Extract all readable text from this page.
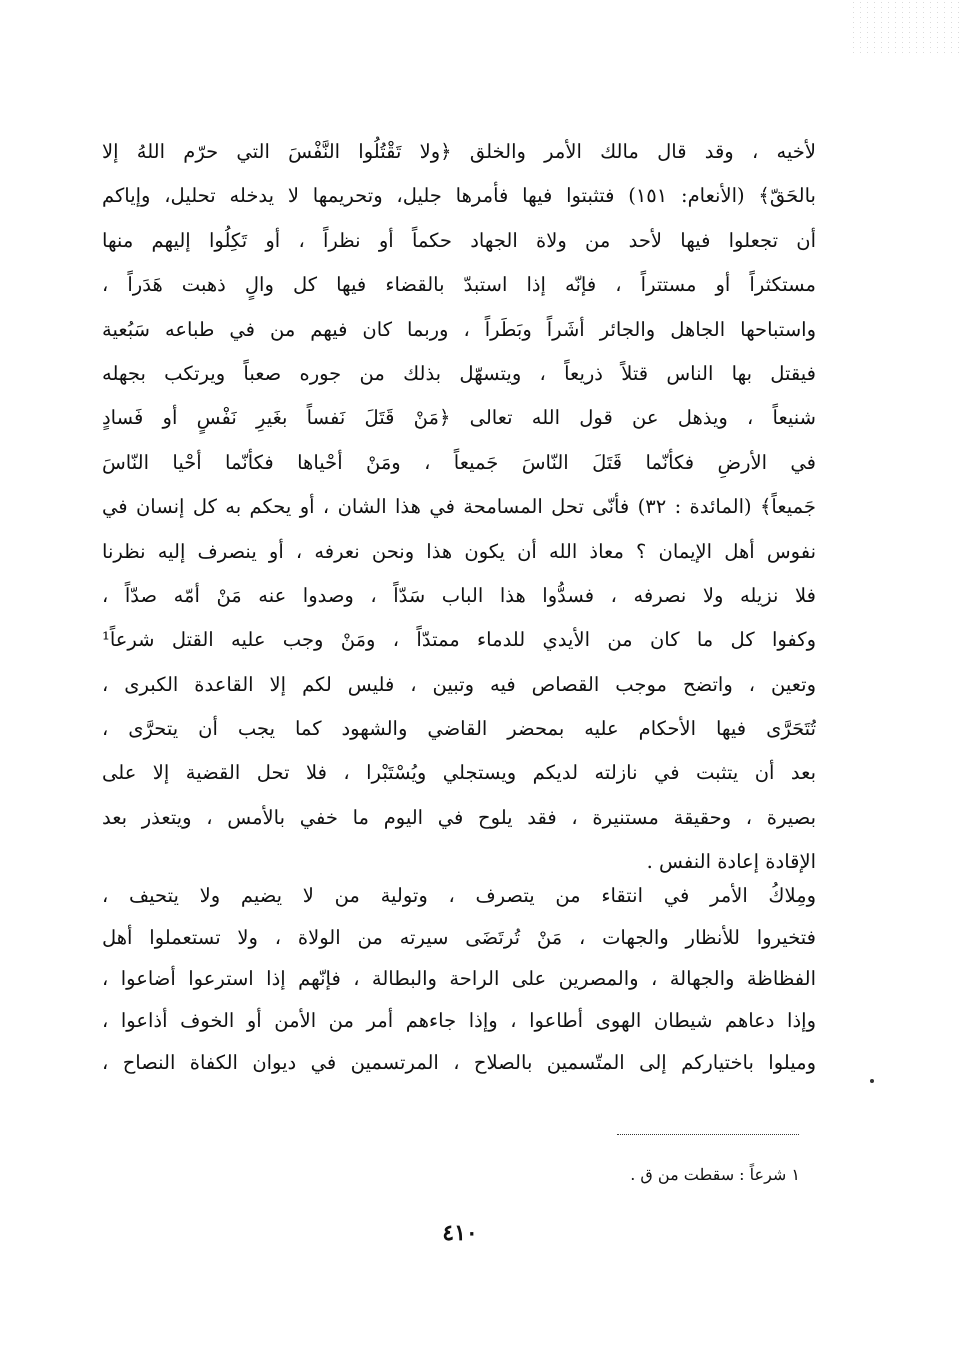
لأخيه ، وقد قال مالك الأمر والخلق ﴿ولا تَقْتُلُوا النَّفْسَ التي حرّم اللهُ إلا
بالحَقّ﴾ (الأنعام: ١٥١) فتثبتوا فيها فأمرها جليل، وتحريمها لا يدخله تحليل، وإياكم
أن تجعلوا فيها لأحد من ولاة الجهاد حكماً أو نظراً ، أو تَكِلُوا إليهم منها
مستكثراً أو مستتراً ، فإنّه إذا استبدّ بالقضاء فيها كل والٍ ذهبت هَدَراً ،
واستباحها الجاهل والجائر أشَراً وبَطَراً ، وربما كان فيهم من في طباعه سَبُعية
فيقتل بها الناس قتلاً ذريعاً ، ويتسهّل بذلك من جوره صعباً ويرتكب بجهله
شنيعاً ، ويذهل عن قول الله تعالى ﴿مَنْ قَتَلَ نَفساً بغَيرِ نَفْسٍ أو فَسادٍ
في الأرضِ فكأنّما قَتَلَ النّاسَ جَميعاً ، ومَنْ أحْياها فكأنّما أحْيا النّاسَ
جَميعاً﴾ (المائدة : ٣٢) فأنّى تحل المسامحة في هذا الشان ، أو يحكم به كل إنسان في
نفوس أهل الإيمان ؟ معاذ الله أن يكون هذا ونحن نعرفه ، أو ينصرف إليه نظرنا
فلا نزيله ولا نصرفه ، فسدُّوا هذا الباب سَدّاً ، وصدوا عنه مَنْ أمّه صدّاً ،
وكفوا كل ما كان من الأيدي للدماء ممتدّاً ، ومَنْ وجب عليه القتل شرعاً¹
وتعين ، واتضح موجب القصاص فيه وتبين ، فليس لكم إلا القاعدة الكبرى ،
تُتَحَرَّى فيها الأحكام عليه بمحضر القاضي والشهود كما يجب أن يتحرَّى ،
بعد أن يتثبت في نازلته لديكم ويستجلي ويُسْتَبْرا ، فلا تحل القضية إلا على
بصيرة ، وحقيقة مستنيرة ، فقد يلوح في اليوم ما خفي بالأمس ، ويتعذر بعد
الإقادة إعادة النفس .
ومِلاكُ الأمر في انتقاء من يتصرف ، وتولية من لا يضيم ولا يتحيف ،
فتخيروا للأنظار والجهات ، مَنْ تُرتَضَى سيرته من الولاة ، ولا تستعملوا أهل
الفظاظة والجهالة ، والمصرين على الراحة والبطالة ، فإنّهم إذا استرعوا أضاعوا ،
وإذا دعاهم شيطان الهوى أطاعوا ، وإذا جاءهم أمر من الأمن أو الخوف أذاعوا ،
وميلوا باختياركم إلى المتّسمين بالصلاح ، المرتسمين في ديوان الكفاة النصاح ،
١ شرعاً : سقطت من ق .
٤١٠
